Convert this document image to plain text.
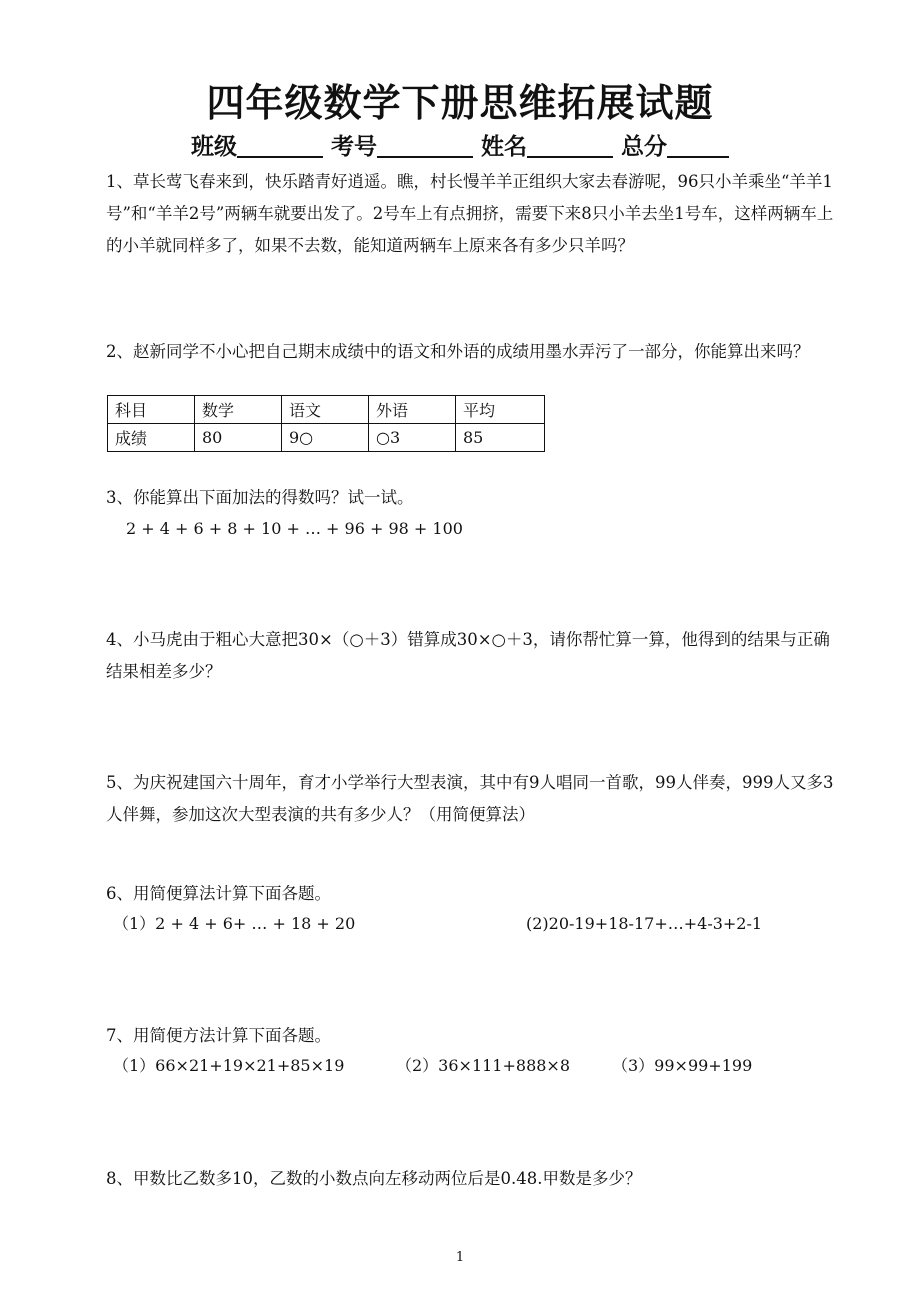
四年级数学下册思维拓展试题
班级	考号	姓名	总分
1、草长莺飞春来到，快乐踏青好逍遥。瞧，村长慢羊羊正组织大家去春游呢，96只小羊乘坐“羊羊1号”和“羊羊2号”两辆车就要出发了。2号车上有点拥挤，需要下来8只小羊去坐1号车，这样两辆车上的小羊就同样多了，如果不去数，能知道两辆车上原来各有多少只羊吗？
2、赵新同学不小心把自己期末成绩中的语文和外语的成绩用墨水弄污了一部分，你能算出来吗？
科目	数学	语文	外语	平均
成绩	80	9○	○3	85
3、你能算出下面加法的得数吗？试一试。
2 + 4 + 6 + 8 + 10 + … + 96 + 98 + 100
4、小马虎由于粗心大意把30×（○＋3）错算成30×○＋3，请你帮忙算一算，他得到的结果与正确结果相差多少？
5、为庆祝建国六十周年，育才小学举行大型表演，其中有9人唱同一首歌，99人伴奏，999人又多3人伴舞，参加这次大型表演的共有多少人？（用简便算法）
6、用简便算法计算下面各题。
（1）2 + 4 + 6+ … + 18 + 20	(2)20-19+18-17+…+4-3+2-1
7、用简便方法计算下面各题。
（1）66×21+19×21+85×19	（2）36×111+888×8	（3）99×99+199
8、甲数比乙数多10，乙数的小数点向左移动两位后是0.48.甲数是多少？
1
